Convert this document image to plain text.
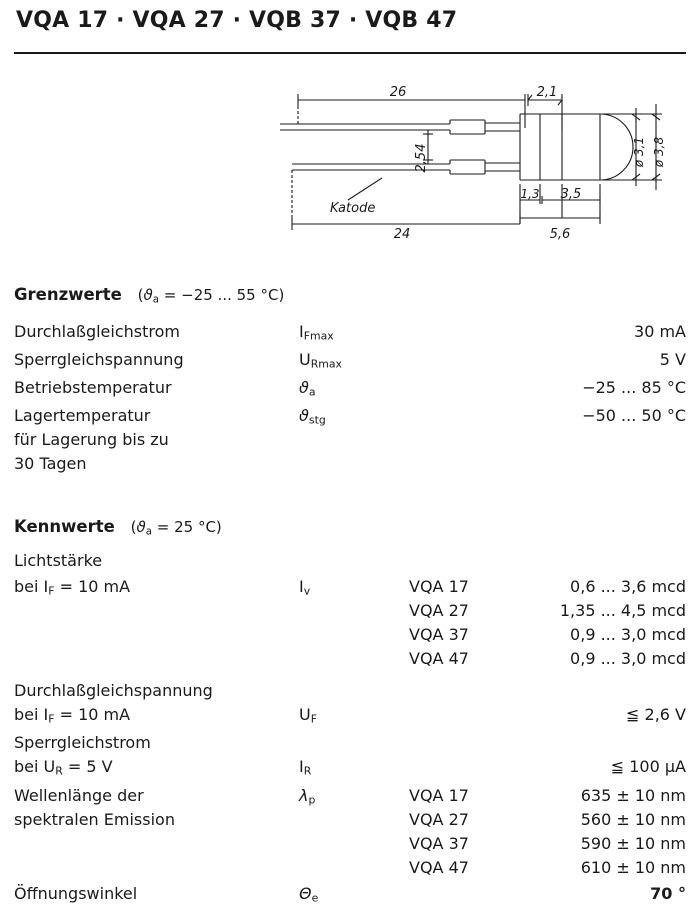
VQA 17 · VQA 27 · VQB 37 · VQB 47
26	2,1
2,54
Katode
24
1,3 3,5
5,6
ø 3,1 ø 3,8
Grenzwerte ($ϑ_a = -25$ ... 55 °C)
Durchlaßgleichstrom	$I_{Fmax}$	30 mA
Sperrgleichspannung	$U_{Rmax}$	5 V
Betriebstemperatur	$ϑ_a$	−25 ... 85 °C
Lagertemperatur	$ϑ_{stg}$	−50 ... 50 °C
für Lagerung bis zu
30 Tagen
Kennwerte ($ϑ_a = 25$ °C)
Lichtstärke
bei $I_F = 10$ mA	$I_v$	VQA 17	0,6 ... 3,6 mcd
VQA 27	1,35 ... 4,5 mcd
VQA 37	0,9 ... 3,0 mcd
VQA 47	0,9 ... 3,0 mcd
Durchlaßgleichspannung
bei $I_F = 10$ mA	$U_F$	≦ 2,6 V
Sperrgleichstrom
bei $U_R = 5$ V	$I_R$	≦ 100 µA
Wellenlänge der	$\lambda_p$	VQA 17	635 ± 10 nm
spektralen Emission	VQA 27	560 ± 10 nm
VQA 37	590 ± 10 nm
VQA 47	610 ± 10 nm
Öffnungswinkel	$\Theta_e$	70 °
